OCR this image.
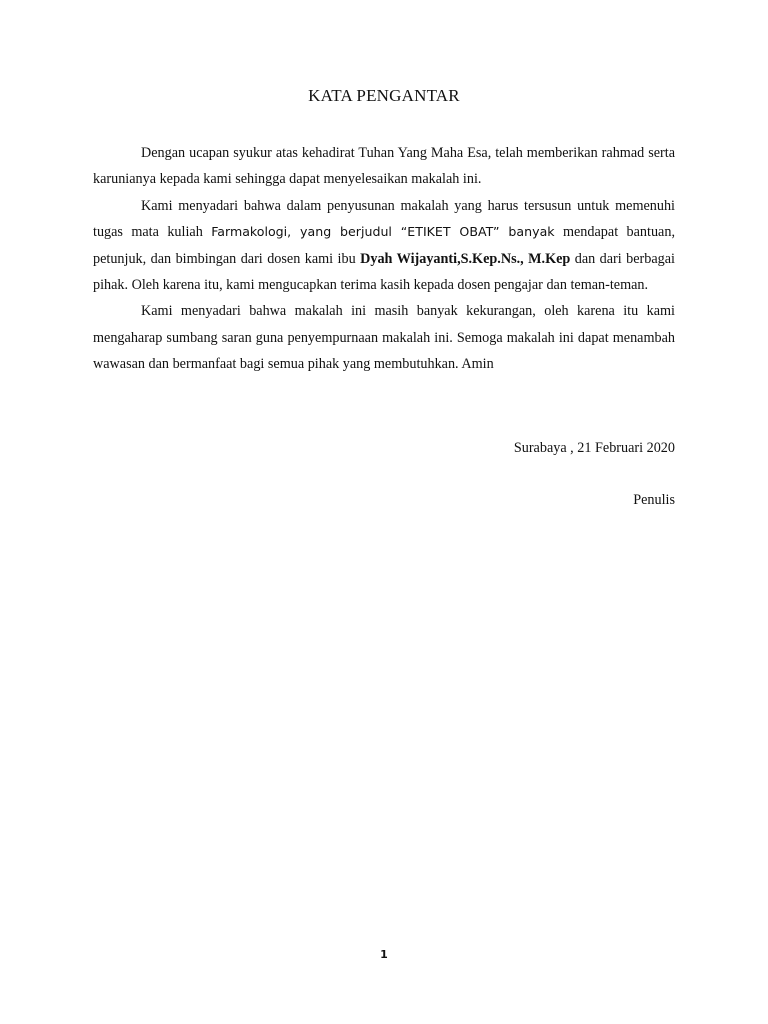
KATA PENGANTAR

Dengan ucapan syukur atas kehadirat Tuhan Yang Maha Esa, telah memberikan rahmad serta karunianya kepada kami sehingga dapat menyelesaikan makalah ini.

Kami menyadari bahwa dalam penyusunan makalah yang harus tersusun untuk memenuhi tugas mata kuliah Farmakologi, yang berjudul “ETIKET OBAT” banyak mendapat bantuan, petunjuk, dan bimbingan dari dosen kami ibu Dyah Wijayanti,S.Kep.Ns., M.Kep dan dari berbagai pihak. Oleh karena itu, kami mengucapkan terima kasih kepada dosen pengajar dan teman-teman.

Kami menyadari bahwa makalah ini masih banyak kekurangan, oleh karena itu kami mengaharap sumbang saran guna penyempurnaan makalah ini. Semoga makalah ini dapat menambah wawasan dan bermanfaat bagi semua pihak yang membutuhkan. Amin

Surabaya , 21 Februari 2020
Penulis
1
